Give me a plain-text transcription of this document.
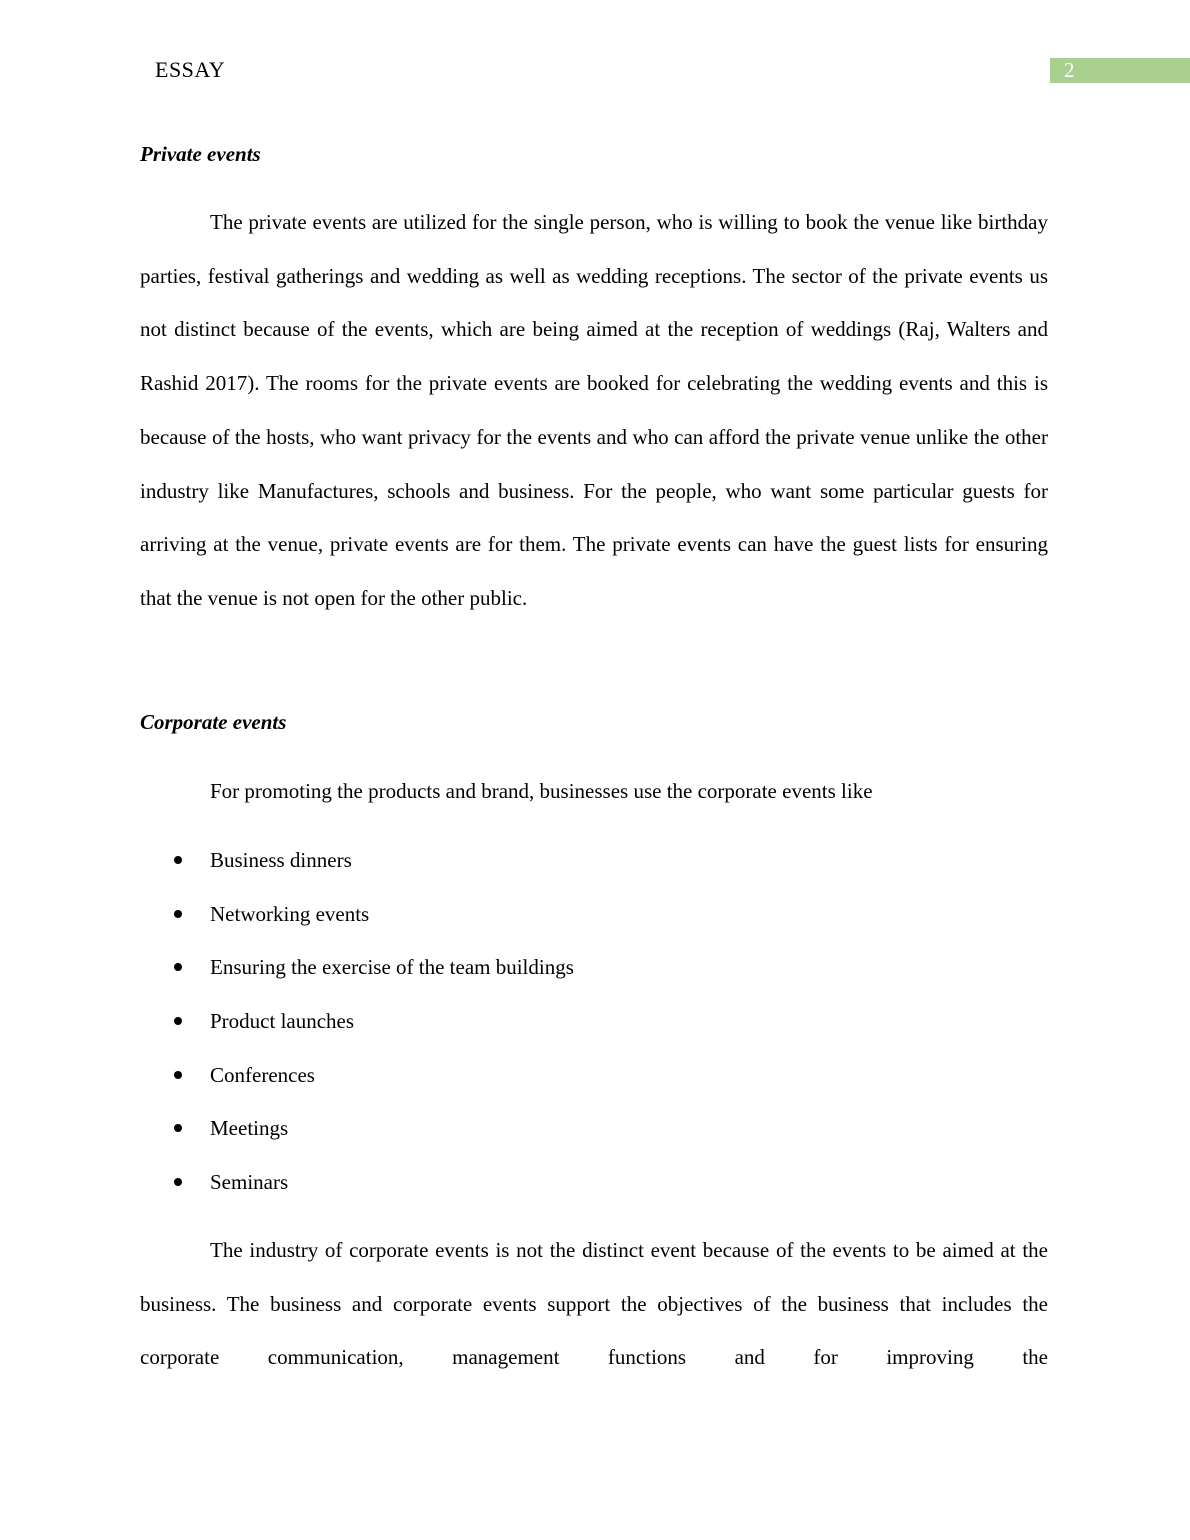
ESSAY	2
Private events

The private events are utilized for the single person, who is willing to book the venue like birthday parties, festival gatherings and wedding as well as wedding receptions. The sector of the private events us not distinct because of the events, which are being aimed at the reception of weddings (Raj, Walters and Rashid 2017). The rooms for the private events are booked for celebrating the wedding events and this is because of the hosts, who want privacy for the events and who can afford the private venue unlike the other industry like Manufactures, schools and business. For the people, who want some particular guests for arriving at the venue, private events are for them. The private events can have the guest lists for ensuring that the venue is not open for the other public.

Corporate events
For promoting the products and brand, businesses use the corporate events like
Business dinners
Networking events
Ensuring the exercise of the team buildings
Product launches
Conferences
Meetings
Seminars

The industry of corporate events is not the distinct event because of the events to be aimed at the business. The business and corporate events support the objectives of the business that includes the corporate communication, management functions and for improving the
